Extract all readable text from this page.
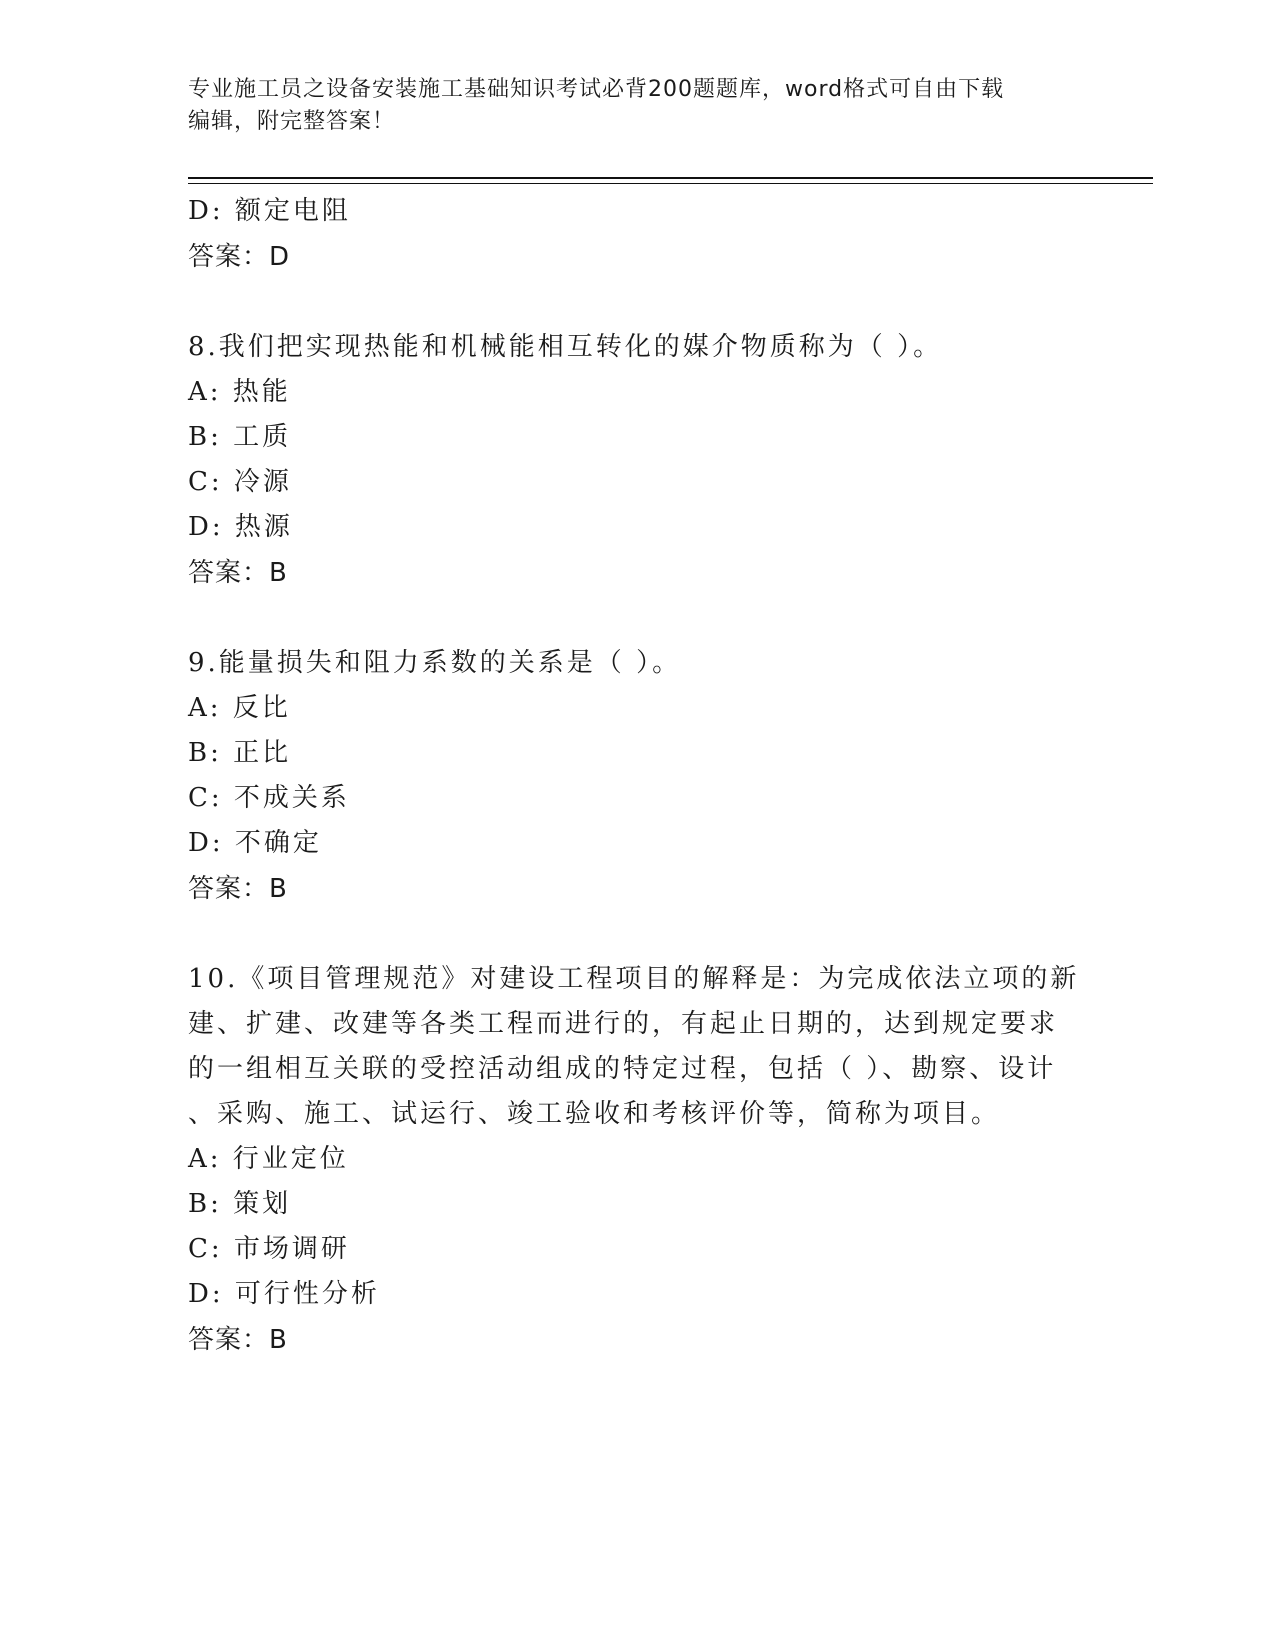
专业施工员之设备安装施工基础知识考试必背200题题库，word格式可自由下载
编辑，附完整答案！
D: 额定电阻
答案：D
8.我们把实现热能和机械能相互转化的媒介物质称为（ ）。
A: 热能
B: 工质
C: 冷源
D: 热源
答案：B
9.能量损失和阻力系数的关系是（ ）。
A: 反比
B: 正比
C: 不成关系
D: 不确定
答案：B
10.《项目管理规范》对建设工程项目的解释是：为完成依法立项的新
建、扩建、改建等各类工程而进行的，有起止日期的，达到规定要求
的一组相互关联的受控活动组成的特定过程，包括（ ）、勘察、设计
、采购、施工、试运行、竣工验收和考核评价等，简称为项目。
A: 行业定位
B: 策划
C: 市场调研
D: 可行性分析
答案：B
